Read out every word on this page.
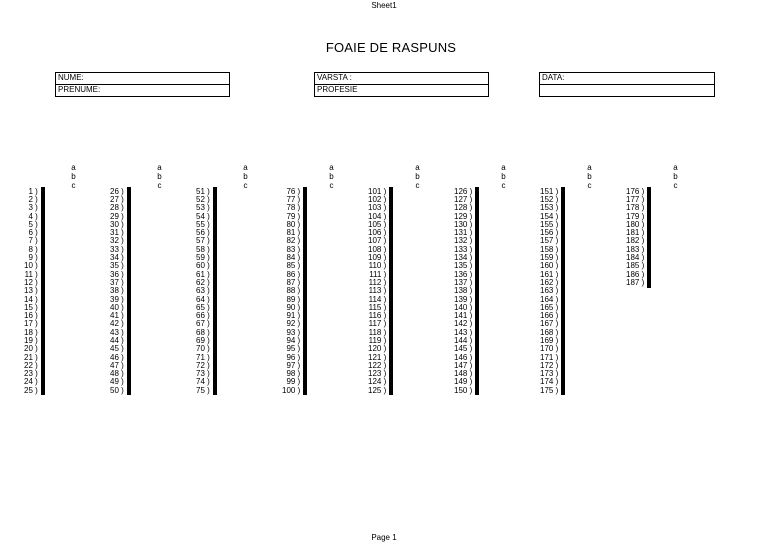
Sheet1
FOAIE DE RASPUNS
NUME:
PRENUME:
VARSTA :
PROFESIE
DATA:
abc
1 )			
2 )			
3 )			
4 )			
5 )			
6 )			
7 )			
8 )			
9 )			
10 )			
11 )			
12 )			
13 )			
14 )			
15 )			
16 )			
17 )			
18 )			
19 )			
20 )			
21 )			
22 )			
23 )			
24 )			
25 )			
abc
26 )			
27 )			
28 )			
29 )			
30 )			
31 )			
32 )			
33 )			
34 )			
35 )			
36 )			
37 )			
38 )			
39 )			
40 )			
41 )			
42 )			
43 )			
44 )			
45 )			
46 )			
47 )			
48 )			
49 )			
50 )			
abc
51 )			
52 )			
53 )			
54 )			
55 )			
56 )			
57 )			
58 )			
59 )			
60 )			
61 )			
62 )			
63 )			
64 )			
65 )			
66 )			
67 )			
68 )			
69 )			
70 )			
71 )			
72 )			
73 )			
74 )			
75 )			
abc
76 )			
77 )			
78 )			
79 )			
80 )			
81 )			
82 )			
83 )			
84 )			
85 )			
86 )			
87 )			
88 )			
89 )			
90 )			
91 )			
92 )			
93 )			
94 )			
95 )			
96 )			
97 )			
98 )			
99 )			
100 )			
abc
101 )			
102 )			
103 )			
104 )			
105 )			
106 )			
107 )			
108 )			
109 )			
110 )			
111 )			
112 )			
113 )			
114 )			
115 )			
116 )			
117 )			
118 )			
119 )			
120 )			
121 )			
122 )			
123 )			
124 )			
125 )			
abc
126 )			
127 )			
128 )			
129 )			
130 )			
131 )			
132 )			
133 )			
134 )			
135 )			
136 )			
137 )			
138 )			
139 )			
140 )			
141 )			
142 )			
143 )			
144 )			
145 )			
146 )			
147 )			
148 )			
149 )			
150 )			
abc
151 )			
152 )			
153 )			
154 )			
155 )			
156 )			
157 )			
158 )			
159 )			
160 )			
161 )			
162 )			
163 )			
164 )			
165 )			
166 )			
167 )			
168 )			
169 )			
170 )			
171 )			
172 )			
173 )			
174 )			
175 )			
abc
176 )			
177 )			
178 )			
179 )			
180 )			
181 )			
182 )			
183 )			
184 )			
185 )			
186 )			
187 )			
Page 1
